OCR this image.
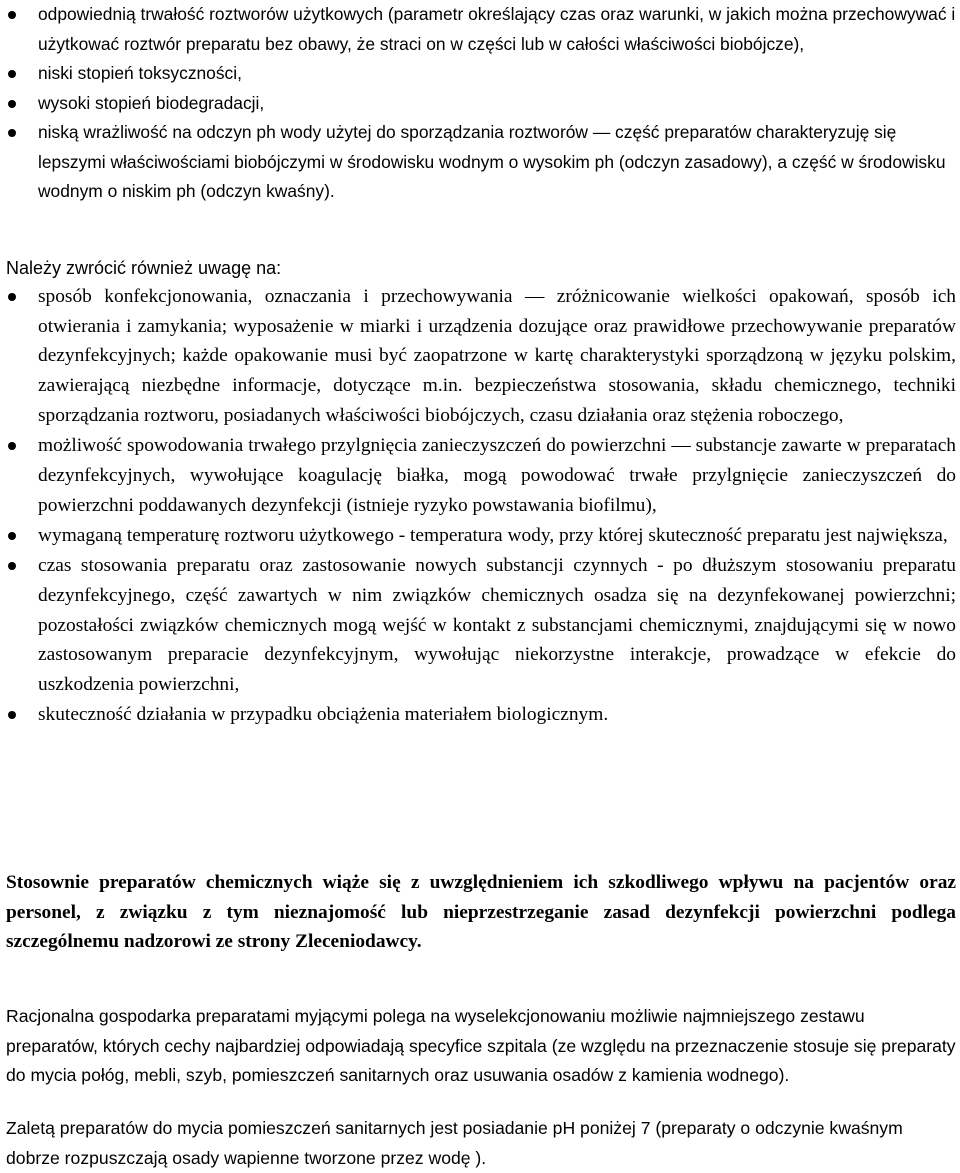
odpowiednią trwałość roztworów użytkowych (parametr określający czas oraz warunki, w jakich można przechowywać i użytkować roztwór preparatu bez obawy, że straci on w części lub w całości właściwości biobójcze),
niski stopień toksyczności,
wysoki stopień biodegradacji,
niską wrażliwość na odczyn ph wody użytej do sporządzania roztworów — część preparatów charakteryzuję się lepszymi właściwościami biobójczymi w środowisku wodnym o wysokim ph (odczyn zasadowy), a część w środowisku wodnym o niskim ph (odczyn kwaśny).

Należy zwrócić również uwagę na:

sposób konfekcjonowania, oznaczania i przechowywania — zróżnicowanie wielkości opakowań, sposób ich otwierania i zamykania; wyposażenie w miarki i urządzenia dozujące oraz prawidłowe przechowywanie preparatów dezynfekcyjnych; każde opakowanie musi być zaopatrzone w kartę charakterystyki sporządzoną w języku polskim, zawierającą niezbędne informacje, dotyczące m.in. bezpieczeństwa stosowania, składu chemicznego, techniki sporządzania roztworu, posiadanych właściwości biobójczych, czasu działania oraz stężenia roboczego,
możliwość spowodowania trwałego przylgnięcia zanieczyszczeń do powierzchni — substancje zawarte w preparatach dezynfekcyjnych, wywołujące koagulację białka, mogą powodować trwałe przylgnięcie zanieczyszczeń do powierzchni poddawanych dezynfekcji (istnieje ryzyko powstawania biofilmu),
wymaganą temperaturę roztworu użytkowego - temperatura wody, przy której skuteczność preparatu jest największa,
czas stosowania preparatu oraz zastosowanie nowych substancji czynnych - po dłuższym stosowaniu preparatu dezynfekcyjnego, część zawartych w nim związków chemicznych osadza się na dezynfekowanej powierzchni; pozostałości związków chemicznych mogą wejść w kontakt z substancjami chemicznymi, znajdującymi się w nowo zastosowanym preparacie dezynfekcyjnym, wywołując niekorzystne interakcje, prowadzące w efekcie do uszkodzenia powierzchni,
skuteczność działania w przypadku obciążenia materiałem biologicznym.

Stosownie preparatów chemicznych wiąże się z uwzględnieniem ich szkodliwego wpływu na pacjentów oraz personel, z związku z tym nieznajomość lub nieprzestrzeganie zasad dezynfekcji powierzchni podlega szczególnemu nadzorowi ze strony Zleceniodawcy.

Racjonalna gospodarka preparatami myjącymi polega na wyselekcjonowaniu możliwie najmniejszego zestawu preparatów, których cechy najbardziej odpowiadają specyfice szpitala (ze względu na przeznaczenie stosuje się preparaty do mycia połóg, mebli, szyb, pomieszczeń sanitarnych oraz usuwania osadów z kamienia wodnego).

Zaletą preparatów do mycia pomieszczeń sanitarnych jest posiadanie pH poniżej 7 (preparaty o odczynie kwaśnym dobrze rozpuszczają osady wapienne tworzone przez wodę ).
